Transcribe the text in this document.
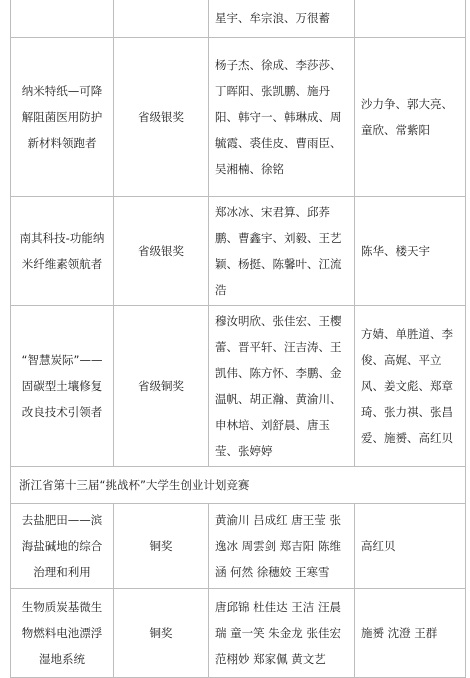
		星宇、牟宗浪、万很蓄	
纳米特纸—可降解阻菌医用防护新材料领跑者	省级银奖	杨子杰、徐成、李莎莎、丁晖阳、张凯鹏、施丹阳、韩守一、韩琳成、周毓霞、裘佳皮、曹雨臣、吴湘楠、徐铭	沙力争、郭大亮、童欣、常紫阳
南其科技-功能纳米纤维素领航者	省级银奖	郑冰冰、宋君算、邱荞鹏、曹鑫宇、刘毅、王艺颖、杨挺、陈馨叶、江流浩	陈华、楼天宇
“智慧炭际”——固碳型土壤修复改良技术引领者	省级铜奖	穆汝明欣、张佳宏、王樱蕾、晋平轩、汪吉涛、王凯伟、陈方怀、李鹏、金温帆、胡正瀚、黄渝川、申林培、刘舒晨、唐玉莹、张婷婷	方婧、单胜道、李俊、高娓、平立风、姜文彪、郑章琦、张力祺、张昌爱、施赟、高红贝
浙江省第十三届“挑战杯”大学生创业计划竞赛			
去盐肥田——滨海盐碱地的综合治理和利用	铜奖	黄渝川 吕成红 唐王莹 张逸冰 周雲剑 郑吉阳 陈维涵 何然 徐穗姣 王寒雪	高红贝
生物质炭基微生物燃料电池漂浮湿地系统	铜奖	唐邱锦 杜佳达 王洁 汪晨瑞 童一笑 朱金龙 张佳宏 范栩妙 郑家佩 黄文艺	施赟 沈澄 王群
